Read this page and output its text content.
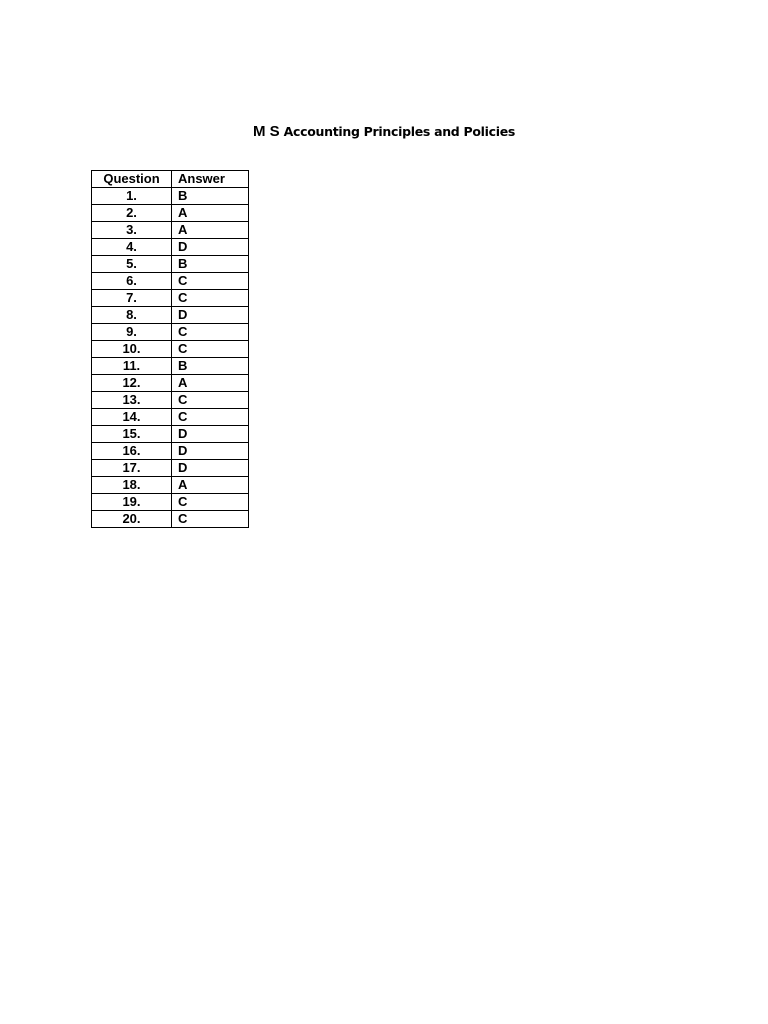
M S Accounting Principles and Policies
Question	Answer
1.	B
2.	A
3.	A
4.	D
5.	B
6.	C
7.	C
8.	D
9.	C
10.	C
11.	B
12.	A
13.	C
14.	C
15.	D
16.	D
17.	D
18.	A
19.	C
20.	C
